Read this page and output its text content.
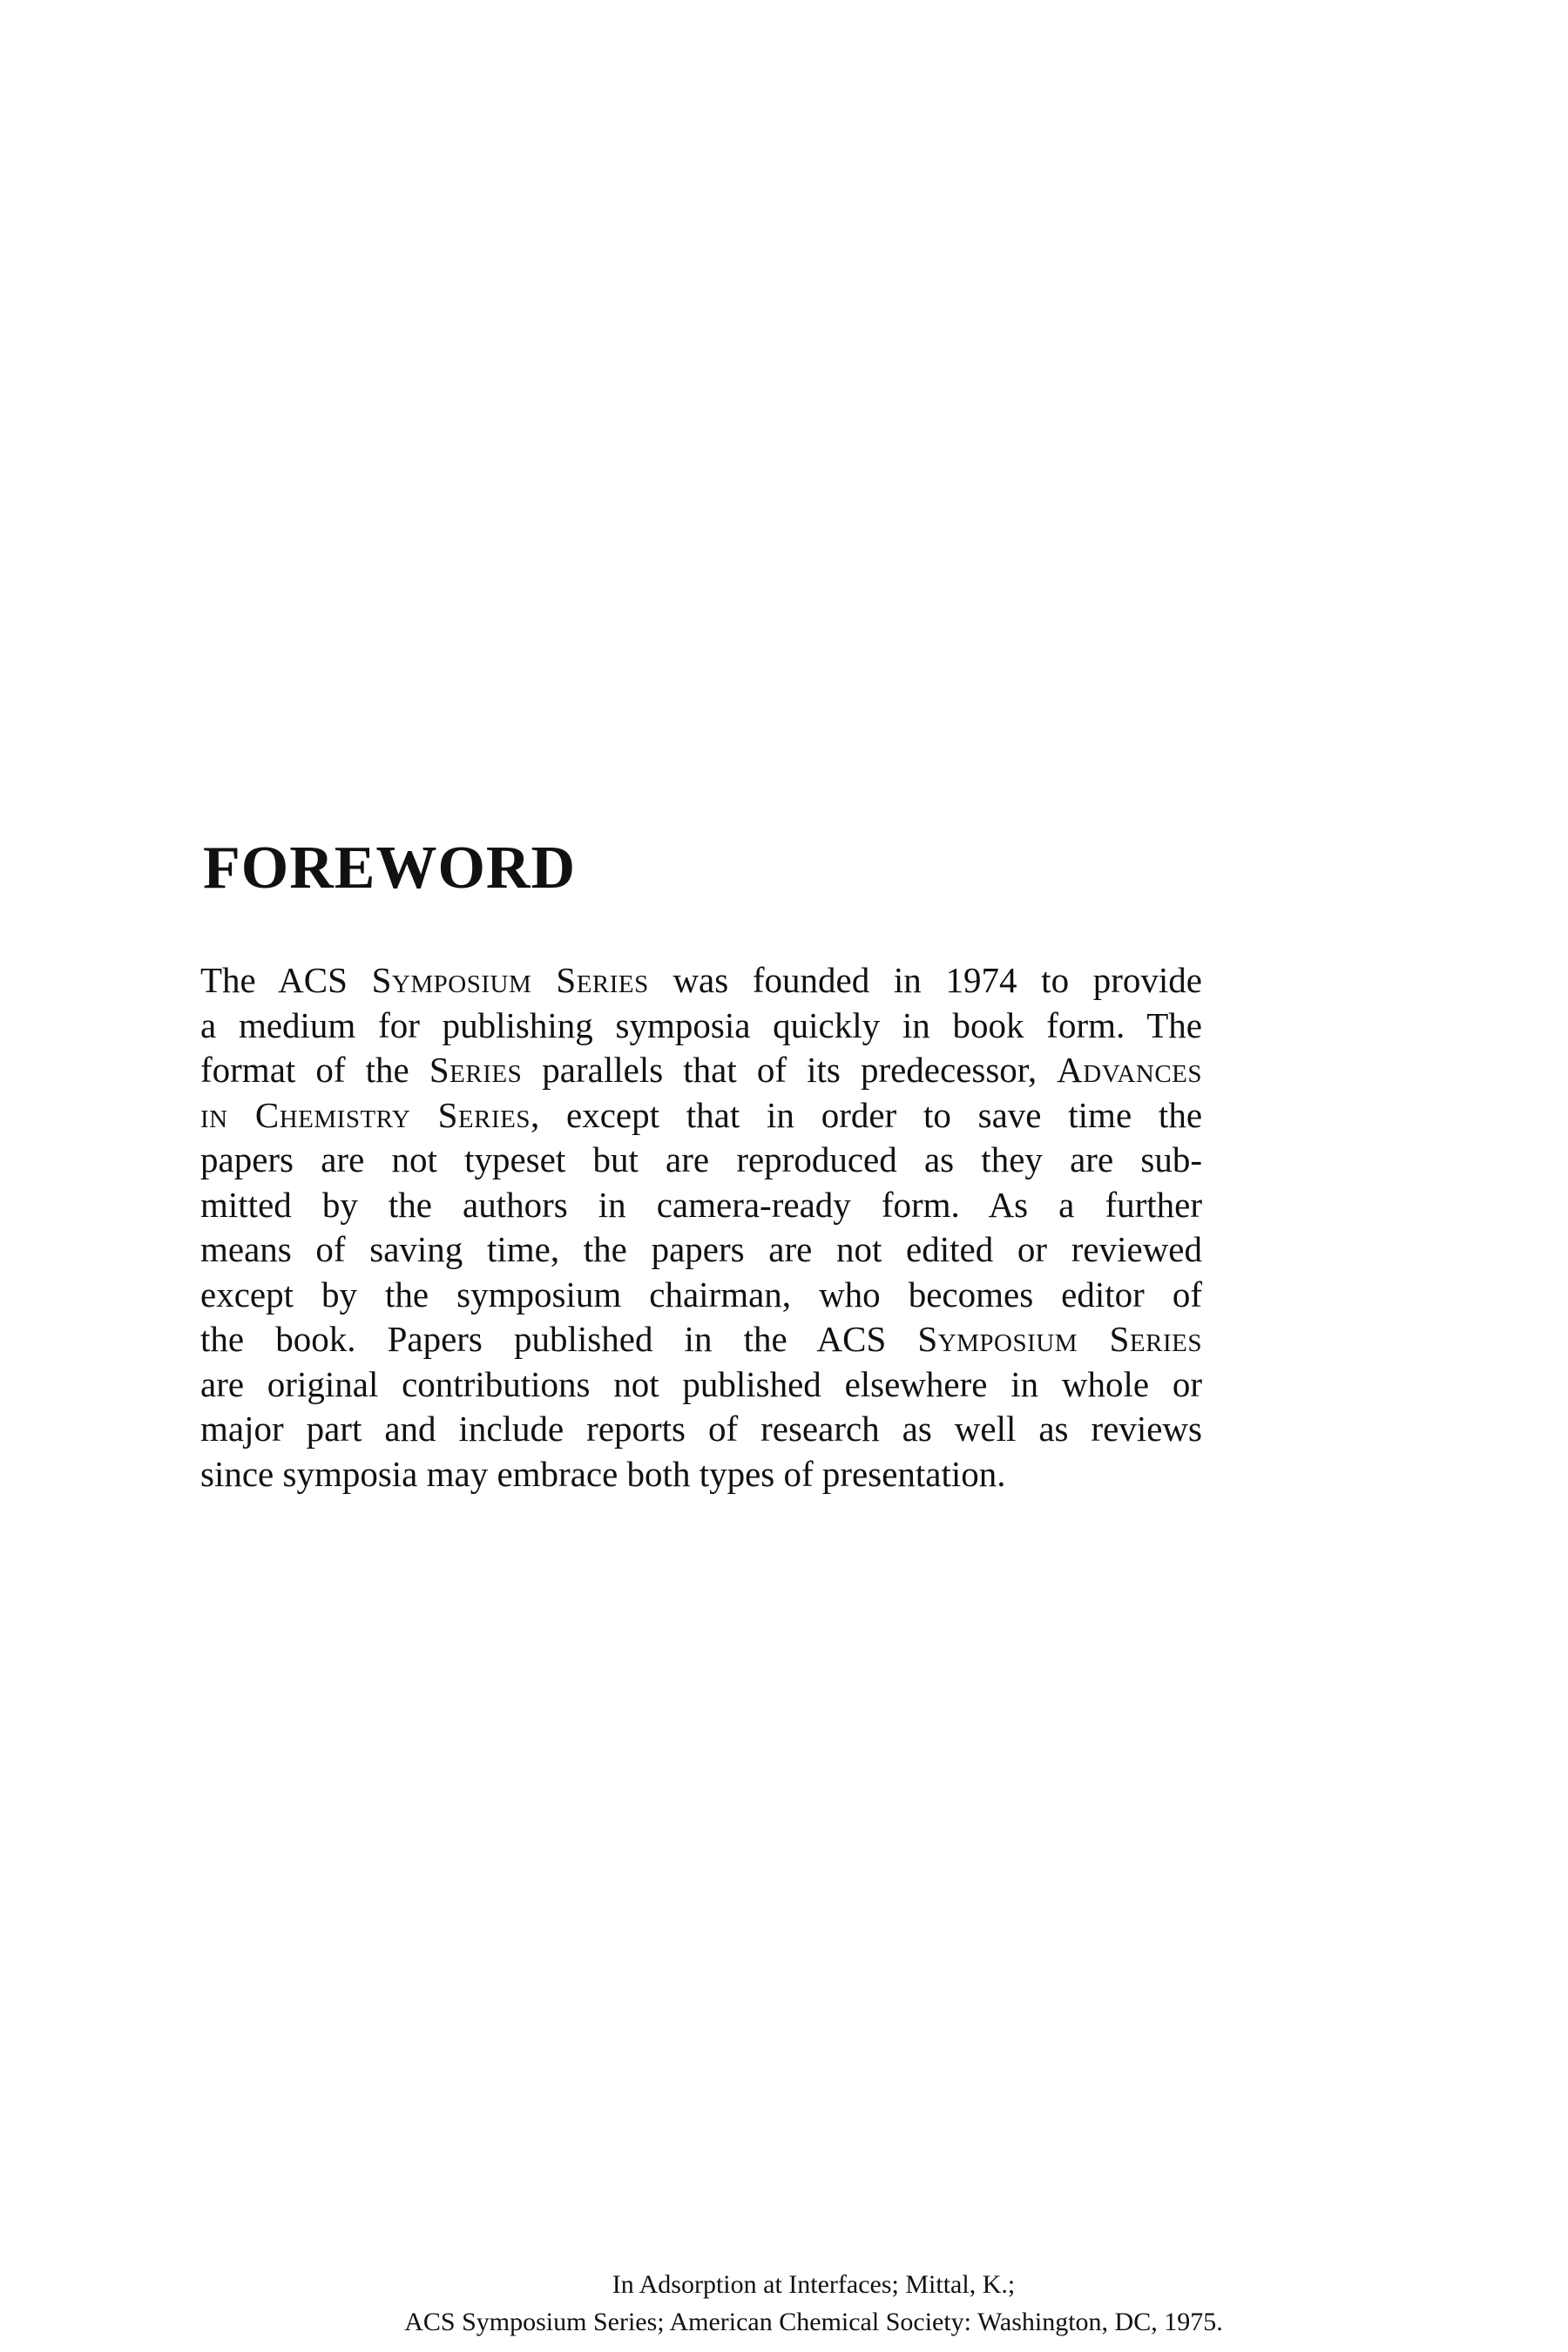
FOREWORD
The ACS Symposium Series was founded in 1974 to provide
a medium for publishing symposia quickly in book form. The
format of the Series parallels that of its predecessor, Advances
in Chemistry Series, except that in order to save time the
papers are not typeset but are reproduced as they are sub-
mitted by the authors in camera-ready form. As a further
means of saving time, the papers are not edited or reviewed
except by the symposium chairman, who becomes editor of
the book. Papers published in the ACS Symposium Series
are original contributions not published elsewhere in whole or
major part and include reports of research as well as reviews
since symposia may embrace both types of presentation.
In Adsorption at Interfaces; Mittal, K.;
ACS Symposium Series; American Chemical Society: Washington, DC, 1975.
